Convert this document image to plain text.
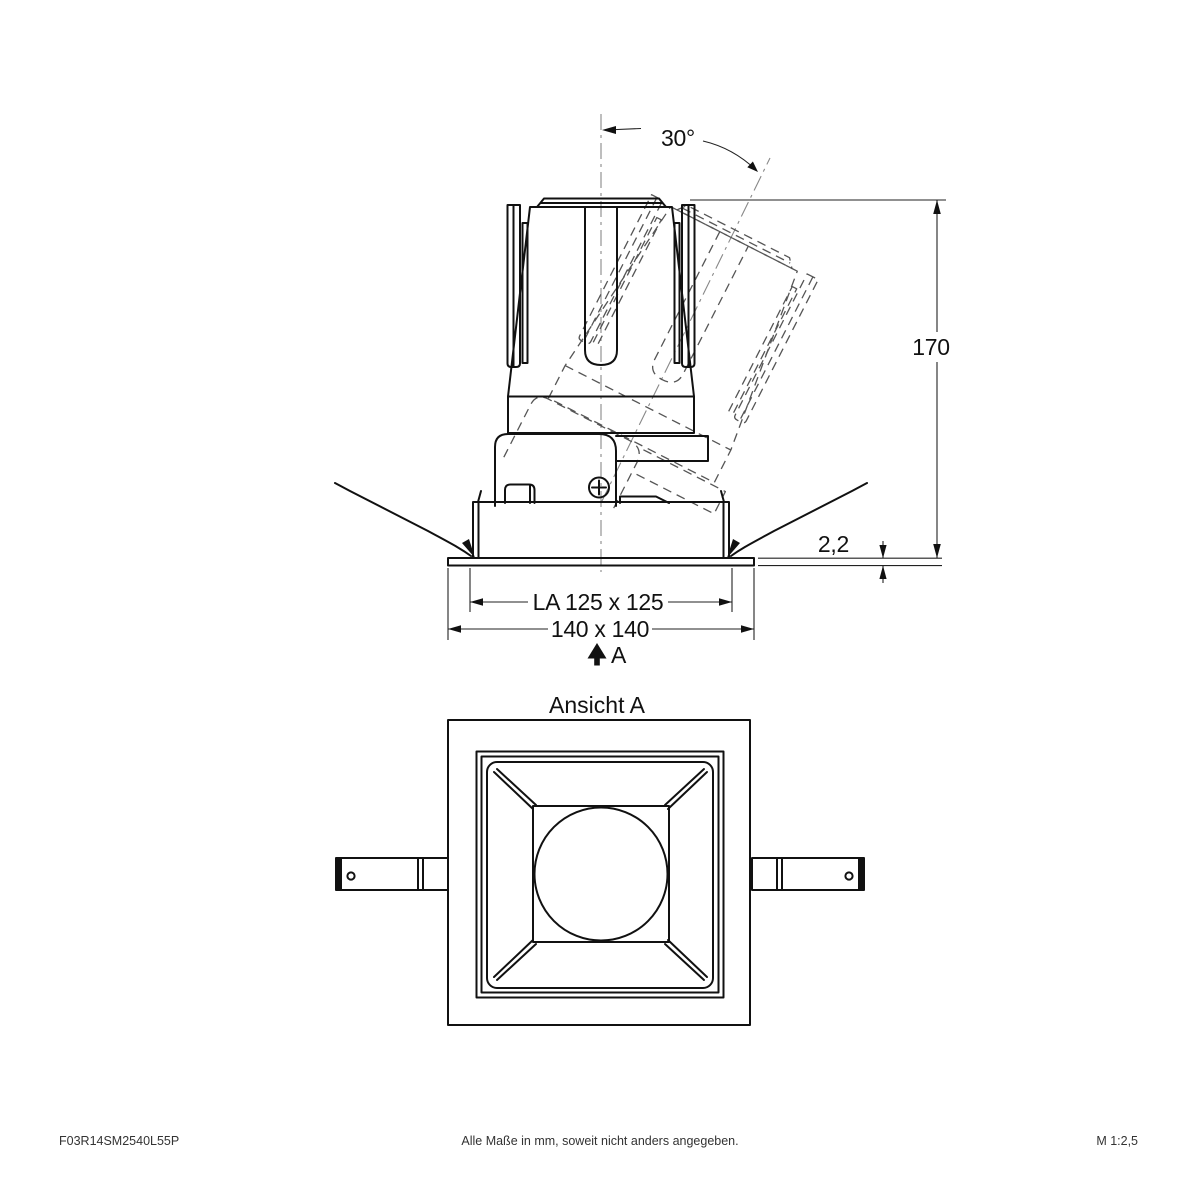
30°
170
2,2
LA 125 x 125
140 x 140
A
Ansicht A
F03R14SM2540L55P	Alle Maße in mm, soweit nicht anders angegeben.	M 1:2,5
